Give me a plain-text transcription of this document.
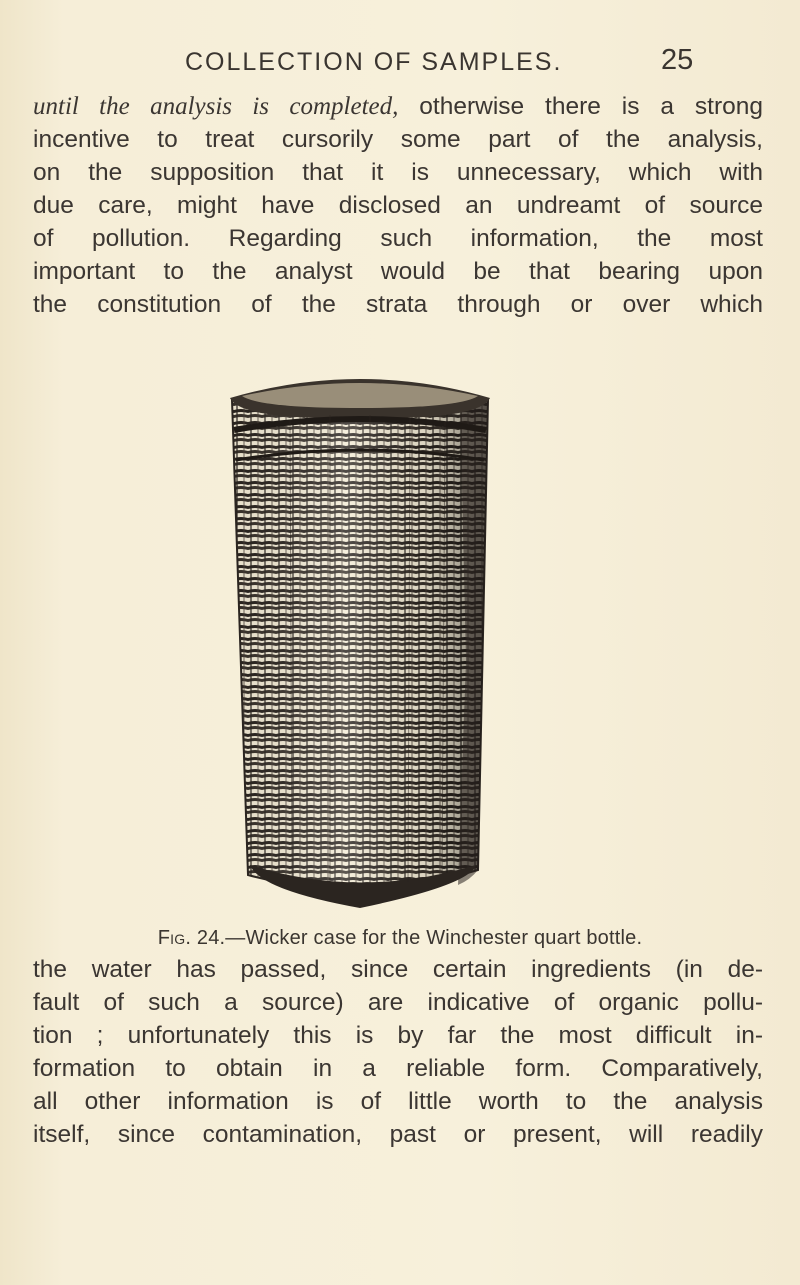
COLLECTION OF SAMPLES.	25

until the analysis is completed, otherwise there is a strong
incentive to treat cursorily some part of the analysis,
on the supposition that it is unnecessary, which with
due care, might have disclosed an undreamt of source
of pollution. Regarding such information, the most
important to the analyst would be that bearing upon
the constitution of the strata through or over which

Fig. 24.—Wicker case for the Winchester quart bottle.

the water has passed, since certain ingredients (in de-
fault of such a source) are indicative of organic pollu-
tion ; unfortunately this is by far the most difficult in-
formation to obtain in a reliable form. Comparatively,
all other information is of little worth to the analysis
itself, since contamination, past or present, will readily
